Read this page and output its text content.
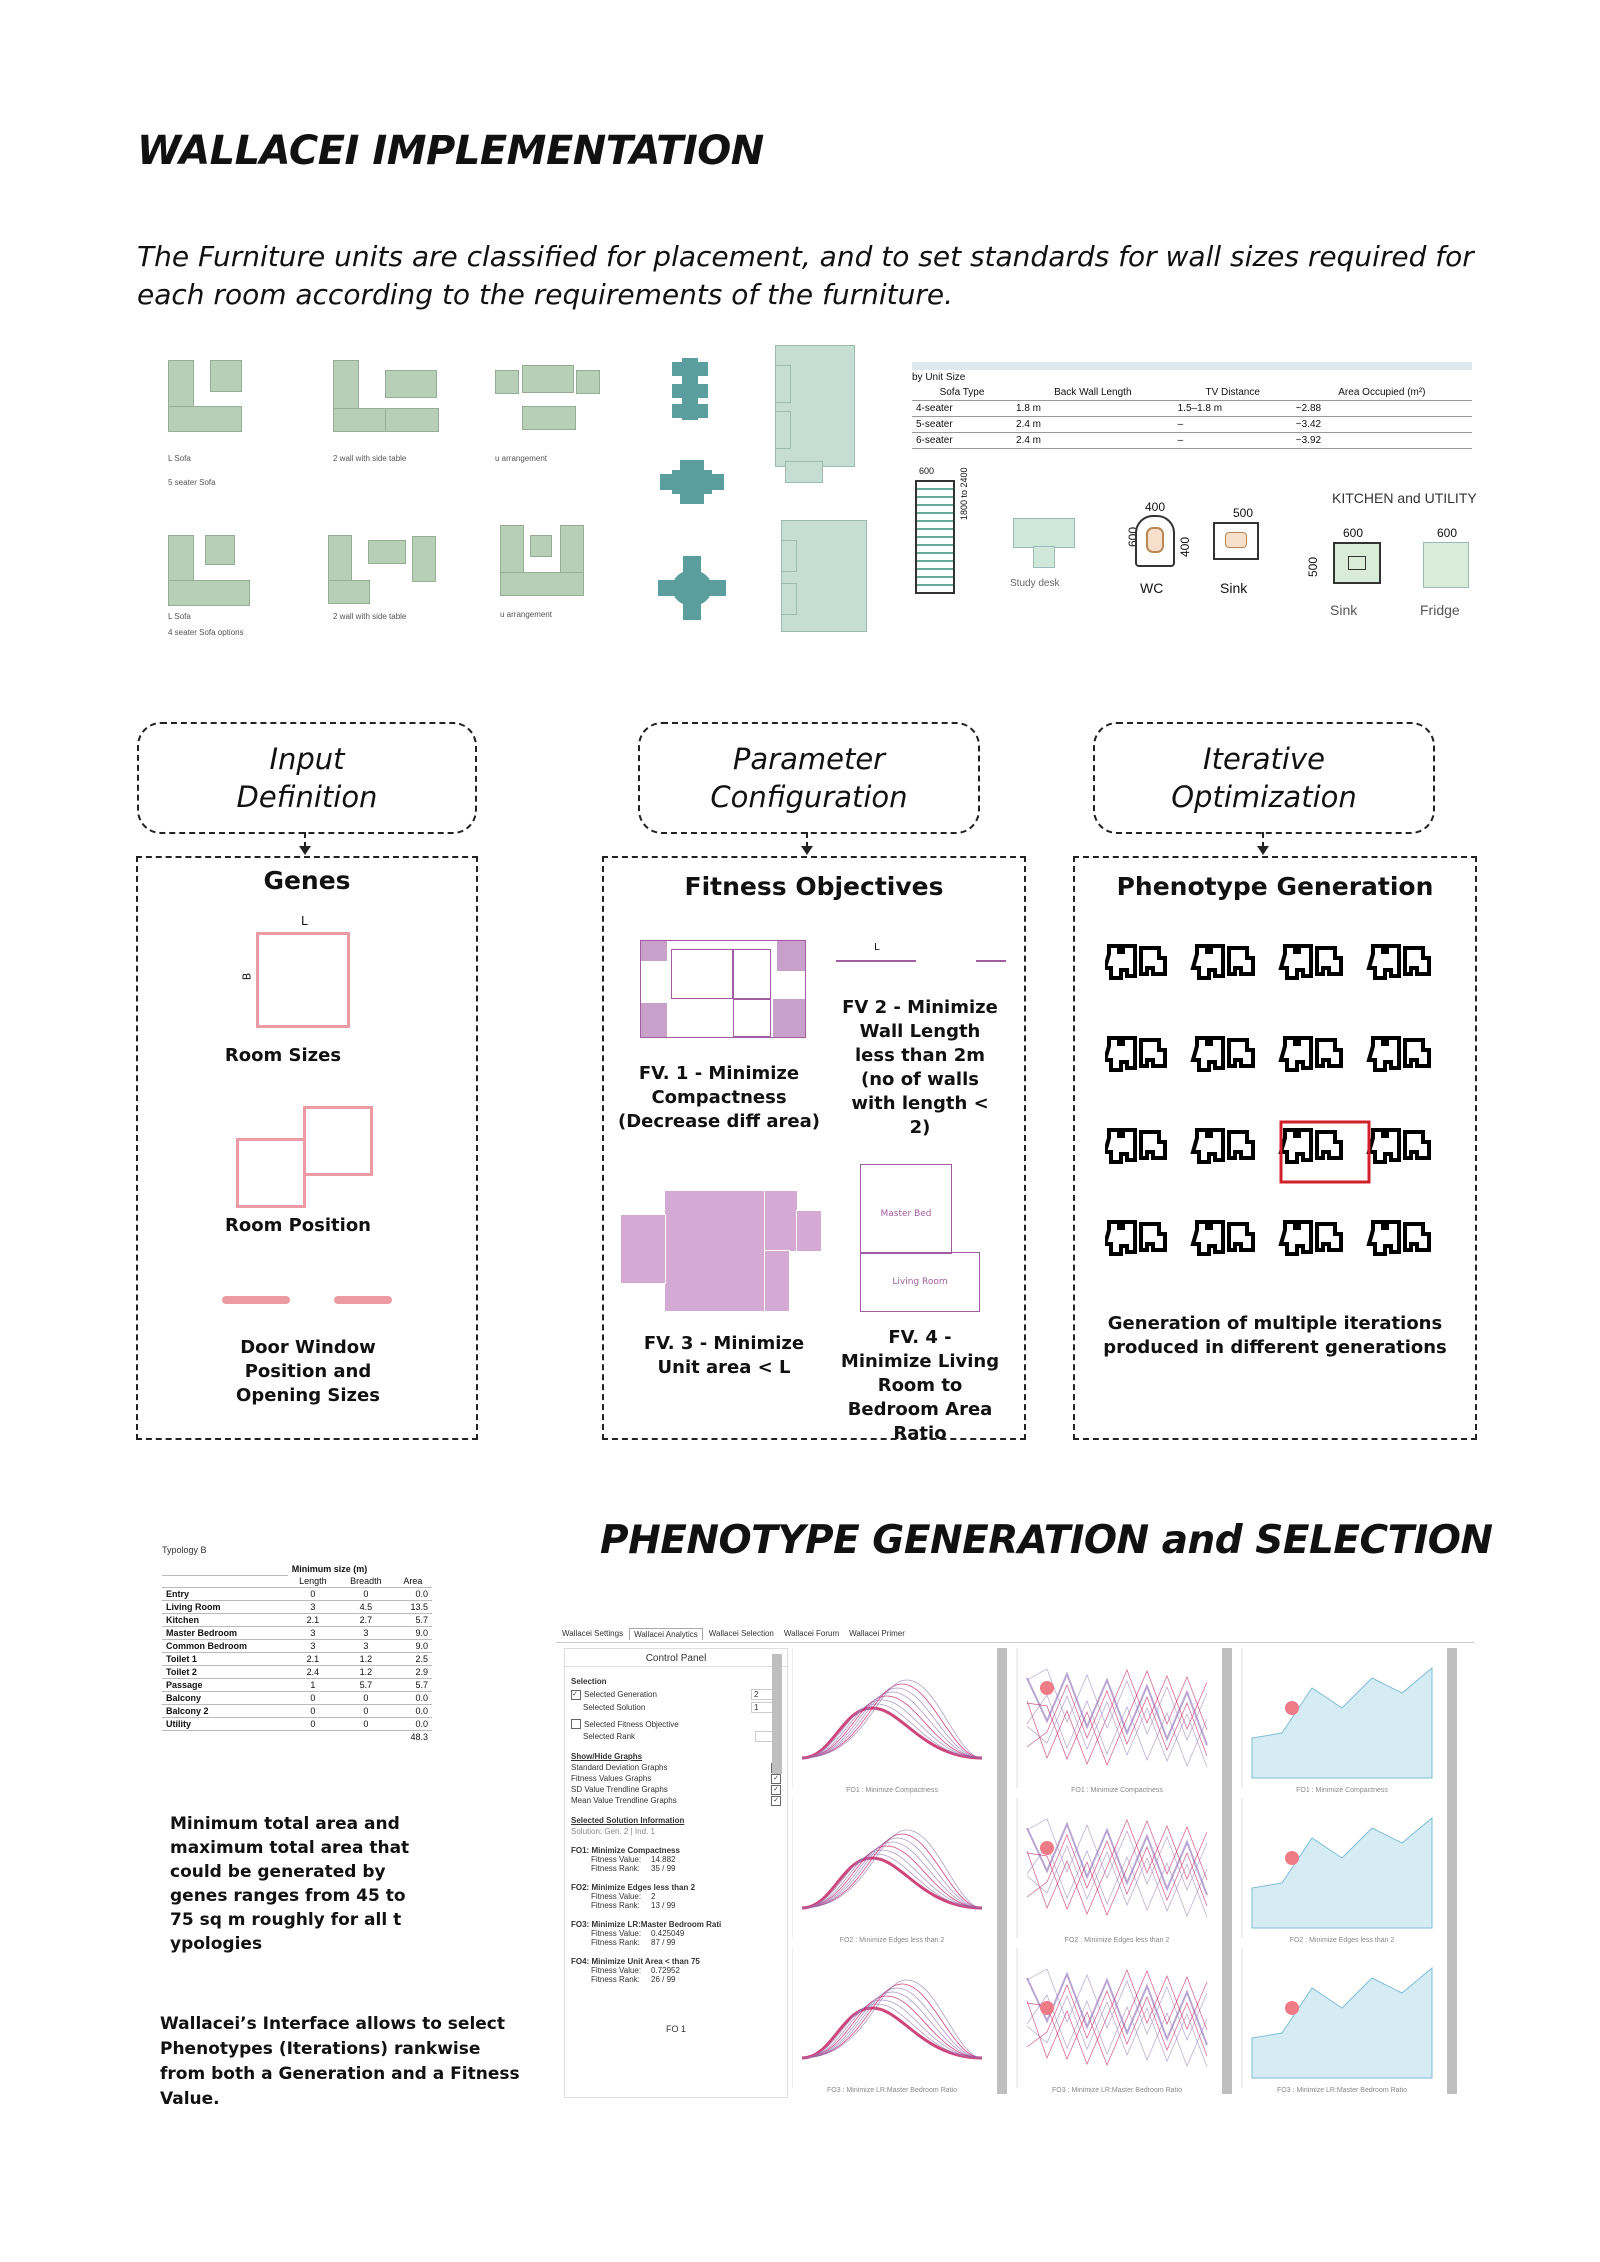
WALLACEI IMPLEMENTATION
The Furniture units are classified for placement, and to set standards for wall sizes required for each room according to the requirements of the furniture.
L Sofa
5 seater Sofa
2 wall with side table	u arrangement
L Sofa
4 seater Sofa options
2 wall with side table	u arrangement
by Unit Size			
Sofa Type	Back Wall Length	TV Distance	Area Occupied (m²)
4-seater	1.8 m	1.5–1.8 m	~2.88
5-seater	2.4 m	–	~3.42
6-seater	2.4 m	–	~3.92
600	1800 to 2400
Study desk
400
600	400
WC
500
Sink
KITCHEN and UTILITY
600
500
Sink
600
Fridge
Input Definition
Parameter Configuration
Iterative Optimization
Genes
L
B
Room Sizes
Room Position
Door Window Position and Opening Sizes
Fitness Objectives
FV. 1 - Minimize Compactness (Decrease diff area)
L
FV 2 - Minimize Wall Length less than 2m (no of walls with length < 2)
FV. 3 - Minimize Unit area < L
Master Bed
Living Room
FV. 4 - Minimize Living Room to Bedroom Area Ratio
Phenotype Generation
Generation of multiple iterations produced in different generations
PHENOTYPE GENERATION and SELECTION
Typology B
	Minimum size (m)		
	Length	Breadth	Area
Entry	0	0	0.0
Living Room	3	4.5	13.5
Kitchen	2.1	2.7	5.7
Master Bedroom	3	3	9.0
Common Bedroom	3	3	9.0
Toilet 1	2.1	1.2	2.5
Toilet 2	2.4	1.2	2.9
Passage	1	5.7	5.7
Balcony	0	0	0.0
Balcony 2	0	0	0.0
Utility	0	0	0.0
			48.3
Minimum total area and maximum total area that could be generated by genes ranges from 45 to 75 sq m roughly for all t ypologies
Wallacei’s Interface allows to select Phenotypes (Iterations) rankwise from both a Generation and a Fitness Value.
Wallacei Settings	Wallacei Analytics	Wallacei Selection	Wallacei Forum	Wallacei Primer
Control Panel
Selection
✓ Selected Generation	2
Selected Solution	1
Selected Fitness Objective
Selected Rank
Show/Hide Graphs
Standard Deviation Graphs
Fitness Values Graphs	✓
SD Value Trendline Graphs	✓
Mean Value Trendline Graphs	✓
Selected Solution Information
Solution: Gen. 2 | Ind. 1
FO1: Minimize Compactness
Fitness Value:	14.882
Fitness Rank:	35 / 99
FO2: Minimize Edges less than 2
Fitness Value:	2
Fitness Rank:	13 / 99
FO3: Minimize LR:Master Bedroom Rati
Fitness Value:	0.425049
Fitness Rank:	87 / 99
FO4: Minimize Unit Area < than 75
Fitness Value:	0.72952
Fitness Rank:	26 / 99
FO 1
FO1 : Minimize Compactness	FO1 : Minimize Compactness	FO1 : Minimize Compactness
FO2 : Minimize Edges less than 2	FO2 : Minimize Edges less than 2	FO2 : Minimize Edges less than 2
FO3 : Minimize LR:Master Bedroom Ratio	FO3 : Minimize LR:Master Bedroom Ratio	FO3 : Minimize LR:Master Bedroom Ratio
